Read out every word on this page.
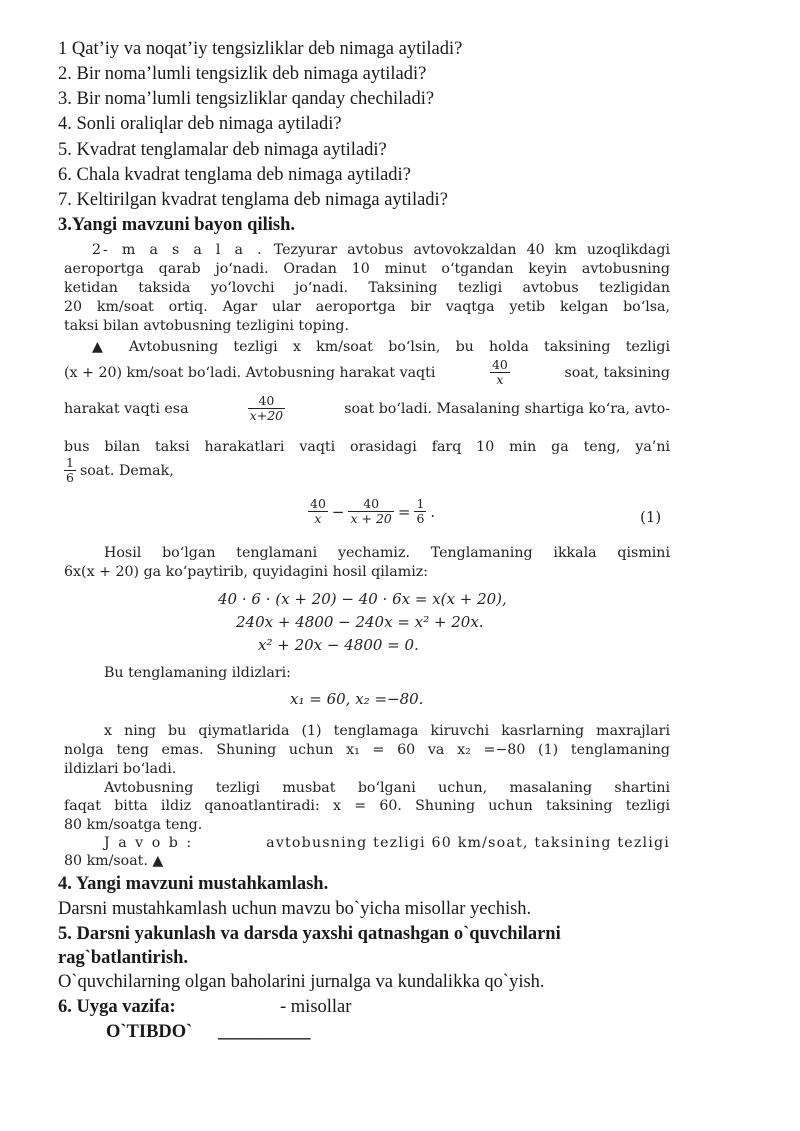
1 Qat’iy va noqat’iy tengsizliklar deb nimaga aytiladi?
2. Bir noma’lumli tengsizlik deb nimaga aytiladi?
3. Bir noma’lumli tengsizliklar qanday chechiladi?
4. Sonli oraliqlar deb nimaga aytiladi?
5. Kvadrat tenglamalar deb nimaga aytiladi?
6. Chala kvadrat tenglama deb nimaga aytiladi?
7. Keltirilgan kvadrat tenglama deb nimaga aytiladi?
3.Yangi mavzuni bayon qilish.
2- m a s a l a . Tezyurar avtobus avtovokzaldan 40 km uzoqlikdagi
aeroportga qarab jo‘nadi. Oradan 10 minut o‘tgandan keyin avtobusning
ketidan taksida yo‘lovchi jo‘nadi. Taksining tezligi avtobus tezligidan
20 km/soat ortiq. Agar ular aeroportga bir vaqtga yetib kelgan bo‘lsa,
taksi bilan avtobusning tezligini toping.
▲ Avtobusning tezligi x km/soat bo‘lsin, bu holda taksining tezligi
(x + 20) km/soat bo‘ladi. Avtobusning harakat vaqti	$\frac{40}{x}$	soat, taksining
harakat vaqti esa	$\frac{40}{x+20}$	soat bo‘ladi. Masalaning shartiga ko‘ra, avto-
bus bilan taksi harakatlari vaqti orasidagi farq 10 min ga teng, ya’ni
$\frac{1}{6}$ soat. Demak,
$\frac{40}{x} - \frac{40}{x + 20} = \frac{1}{6}$ .	(1)
Hosil bo‘lgan tenglamani yechamiz. Tenglamaning ikkala qismini
6x(x + 20) ga ko‘paytirib, quyidagini hosil qilamiz:
40 · 6 · (x + 20) − 40 · 6x = x(x + 20),
240x + 4800 − 240x = x² + 20x.
x² + 20x − 4800 = 0.
Bu tenglamaning ildizlari:
x₁ = 60, x₂ =−80.
x ning bu qiymatlarida (1) tenglamaga kiruvchi kasrlarning maxrajlari
nolga teng emas. Shuning uchun x₁ = 60 va x₂ =−80 (1) tenglamaning
ildizlari bo‘ladi.
Avtobusning tezligi musbat bo‘lgani uchun, masalaning shartini
faqat bitta ildiz qanoatlantiradi: x = 60. Shuning uchun taksining tezligi
80 km/soatga teng.
J a v o b :	avtobusning tezligi 60 km/soat, taksining tezligi
80 km/soat. ▲
4. Yangi mavzuni mustahkamlash.
Darsni mustahkamlash uchun mavzu bo`yicha misollar yechish.
5. Darsni yakunlash va darsda yaxshi qatnashgan o`quvchilarni
rag`batlantirish.
O`quvchilarning olgan baholarini jurnalga va kundalikka qo`yish.
6. Uyga vazifa:	- misollar
O`TIBDO` __________
